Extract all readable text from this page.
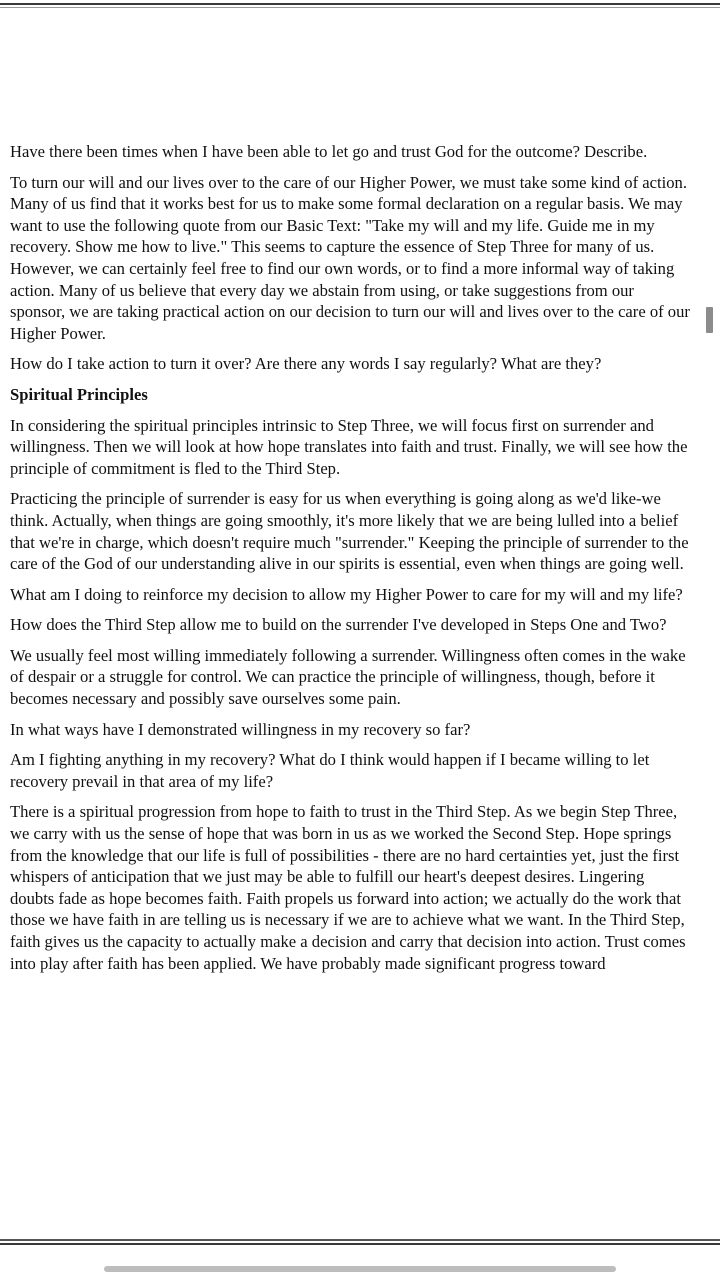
Have there been times when I have been able to let go and trust God for the outcome? Describe.

To turn our will and our lives over to the care of our Higher Power, we must take some kind of action. Many of us find that it works best for us to make some formal declaration on a regular basis. We may want to use the following quote from our Basic Text: "Take my will and my life. Guide me in my recovery. Show me how to live." This seems to capture the essence of Step Three for many of us. However, we can certainly feel free to find our own words, or to find a more informal way of taking action. Many of us believe that every day we abstain from using, or take suggestions from our sponsor, we are taking practical action on our decision to turn our will and lives over to the care of our Higher Power.

How do I take action to turn it over? Are there any words I say regularly? What are they?

Spiritual Principles

In considering the spiritual principles intrinsic to Step Three, we will focus first on surrender and willingness. Then we will look at how hope translates into faith and trust. Finally, we will see how the principle of commitment is fled to the Third Step.

Practicing the principle of surrender is easy for us when everything is going along as we'd like-we think. Actually, when things are going smoothly, it's more likely that we are being lulled into a belief that we're in charge, which doesn't require much "surrender." Keeping the principle of surrender to the care of the God of our understanding alive in our spirits is essential, even when things are going well.

What am I doing to reinforce my decision to allow my Higher Power to care for my will and my life?

How does the Third Step allow me to build on the surrender I've developed in Steps One and Two?

We usually feel most willing immediately following a surrender. Willingness often comes in the wake of despair or a struggle for control. We can practice the principle of willingness, though, before it becomes necessary and possibly save ourselves some pain.

In what ways have I demonstrated willingness in my recovery so far?

Am I fighting anything in my recovery? What do I think would happen if I became willing to let recovery prevail in that area of my life?

There is a spiritual progression from hope to faith to trust in the Third Step. As we begin Step Three, we carry with us the sense of hope that was born in us as we worked the Second Step. Hope springs from the knowledge that our life is full of possibilities - there are no hard certainties yet, just the first whispers of anticipation that we just may be able to fulfill our heart's deepest desires. Lingering doubts fade as hope becomes faith. Faith propels us forward into action; we actually do the work that those we have faith in are telling us is necessary if we are to achieve what we want. In the Third Step, faith gives us the capacity to actually make a decision and carry that decision into action. Trust comes into play after faith has been applied. We have probably made significant progress toward
